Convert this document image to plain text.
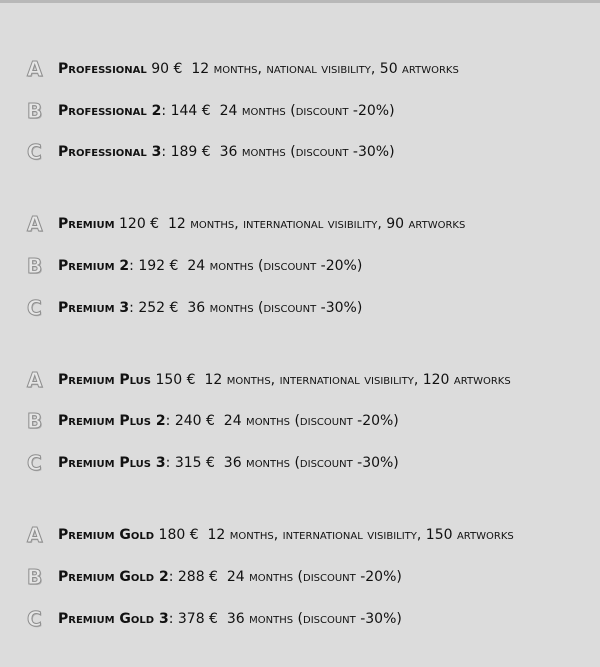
A	Professional
90 € 12 months, national visibility, 50 artworks
B	Professional 2 : 144 € 24 months (discount -20%)
C	Professional 3 : 189 € 36 months (discount -30%)
A	Premium
120 € 12 months, international visibility, 90 artworks
B	Premium 2 : 192 € 24 months (discount -20%)
C	Premium 3 : 252 € 36 months (discount -30%)
A	Premium Plus
150 € 12 months, international visibility, 120 artworks
B	Premium Plus 2 : 240 € 24 months (discount -20%)
C	Premium Plus 3 : 315 € 36 months (discount -30%)
A	Premium Gold
180 € 12 months, international visibility, 150 artworks
B	Premium Gold 2 : 288 € 24 months (discount -20%)
C	Premium Gold 3 : 378 € 36 months (discount -30%)
